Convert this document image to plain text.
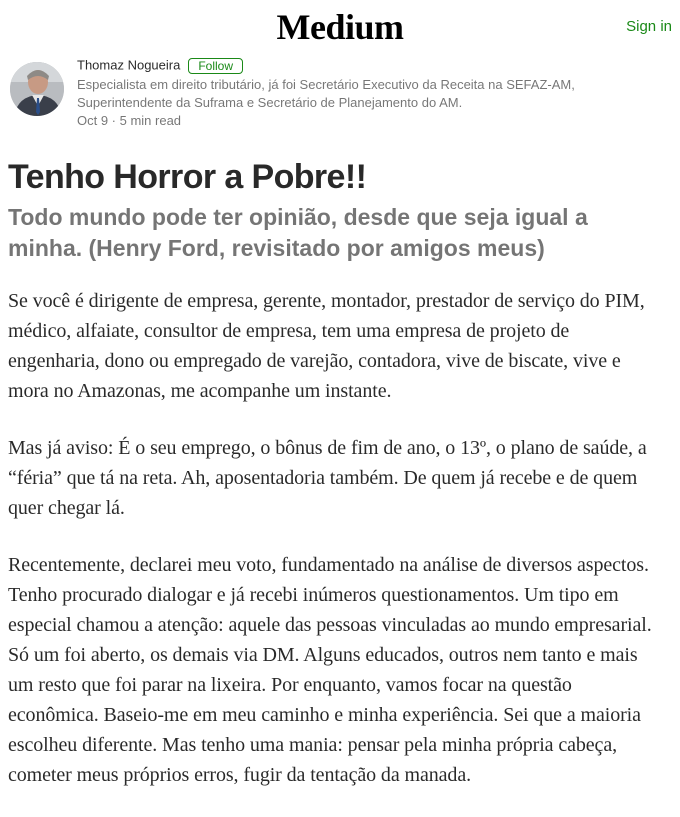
Medium	Sign in
Thomaz Nogueira Follow
Especialista em direito tributário, já foi Secretário Executivo da Receita na SEFAZ-AM, Superintendente da Suframa e Secretário de Planejamento do AM.
Oct 9 · 5 min read
Tenho Horror a Pobre!!
Todo mundo pode ter opinião, desde que seja igual a minha. (Henry Ford, revisitado por amigos meus)

Se você é dirigente de empresa, gerente, montador, prestador de serviço do PIM, médico, alfaiate, consultor de empresa, tem uma empresa de projeto de engenharia, dono ou empregado de varejão, contadora, vive de biscate, vive e mora no Amazonas, me acompanhe um instante.

Mas já aviso: É o seu emprego, o bônus de fim de ano, o 13º, o plano de saúde, a “féria” que tá na reta. Ah, aposentadoria também. De quem já recebe e de quem quer chegar lá.

Recentemente, declarei meu voto, fundamentado na análise de diversos aspectos. Tenho procurado dialogar e já recebi inúmeros questionamentos. Um tipo em especial chamou a atenção: aquele das pessoas vinculadas ao mundo empresarial. Só um foi aberto, os demais via DM. Alguns educados, outros nem tanto e mais um resto que foi parar na lixeira. Por enquanto, vamos focar na questão econômica. Baseio-me em meu caminho e minha experiência. Sei que a maioria escolheu diferente. Mas tenho uma mania: pensar pela minha própria cabeça, cometer meus próprios erros, fugir da tentação da manada.
